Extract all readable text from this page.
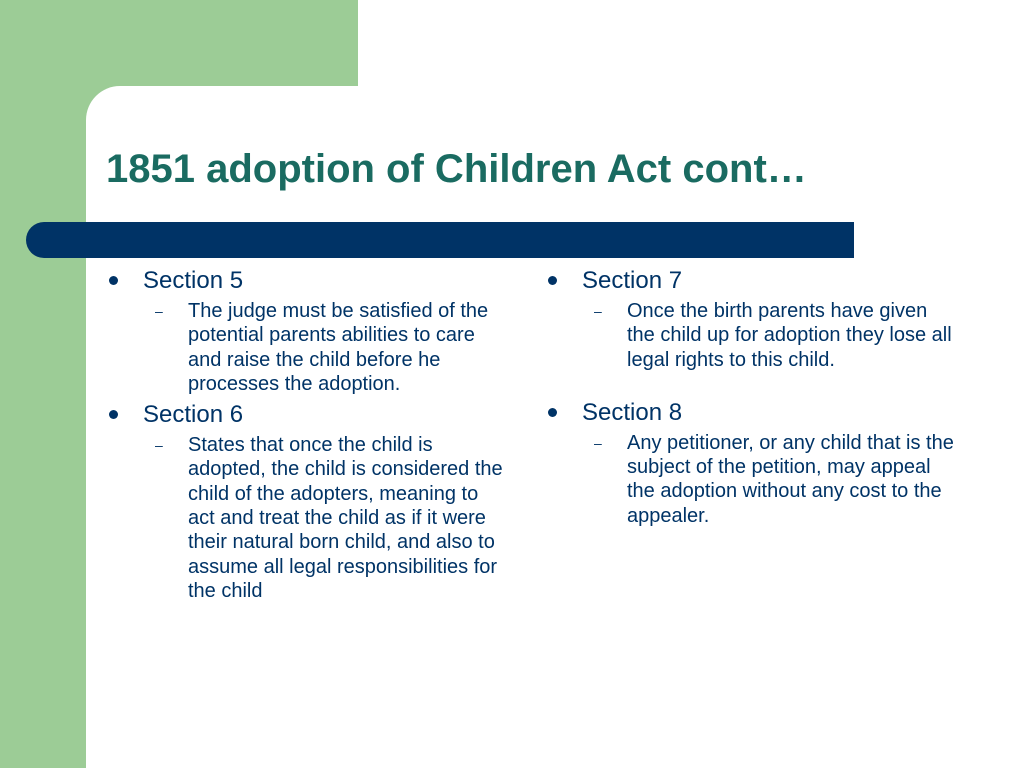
1851 adoption of Children Act cont…
Section 5
–	The judge must be satisfied of the potential parents abilities to care and raise the child before he processes the adoption.
Section 6
–	States that once the child is adopted, the child is considered the child of the adopters, meaning to act and treat the child as if it were their natural born child, and also to assume all legal responsibilities for the child
Section 7
–	Once the birth parents have given the child up for adoption they lose all legal rights to this child.
Section 8
–	Any petitioner, or any child that is the subject of the petition, may appeal the adoption without any cost to the appealer.
